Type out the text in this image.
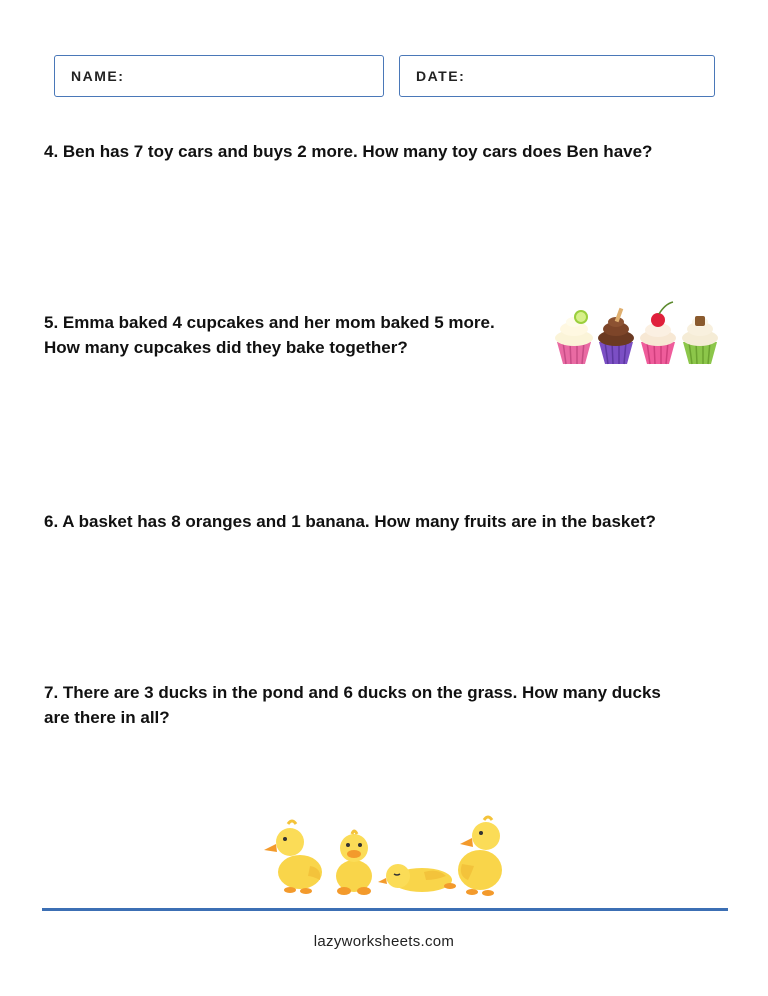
NAME:	DATE:
4. Ben has 7 toy cars and buys 2 more. How many toy cars does Ben have?
5. Emma baked 4 cupcakes and her mom baked 5 more.
How many cupcakes did they bake together?
6. A basket has 8 oranges and 1 banana. How many fruits are in the basket?
7. There are 3 ducks in the pond and 6 ducks on the grass. How many ducks
are there in all?
lazyworksheets.com
